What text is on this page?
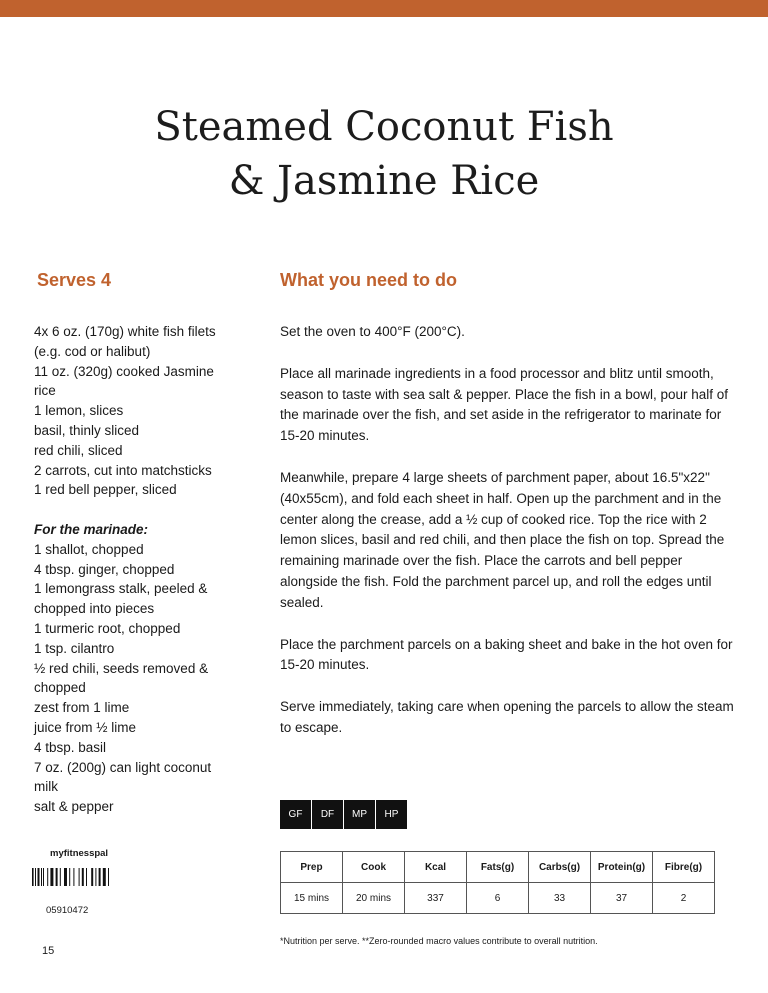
Steamed Coconut Fish
& Jasmine Rice
Serves 4	What you need to do
4x 6 oz. (170g) white fish filets
(e.g. cod or halibut)
11 oz. (320g) cooked Jasmine
rice
1 lemon, slices
basil, thinly sliced
red chili, sliced
2 carrots, cut into matchsticks
1 red bell pepper, sliced
For the marinade:
1 shallot, chopped
4 tbsp. ginger, chopped
1 lemongrass stalk, peeled &
chopped into pieces
1 turmeric root, chopped
1 tsp. cilantro
½ red chili, seeds removed &
chopped
zest from 1 lime
juice from ½ lime
4 tbsp. basil
7 oz. (200g) can light coconut
milk
salt & pepper

Set the oven to 400°F (200°C).

Place all marinade ingredients in a food processor and blitz until smooth, season to taste with sea salt & pepper. Place the fish in a bowl, pour half of the marinade over the fish, and set aside in the refrigerator to marinate for 15-20 minutes.

Meanwhile, prepare 4 large sheets of parchment paper, about 16.5"x22" (40x55cm), and fold each sheet in half. Open up the parchment and in the center along the crease, add a ½ cup of cooked rice. Top the rice with 2 lemon slices, basil and red chili, and then place the fish on top. Spread the remaining marinade over the fish. Place the carrots and bell pepper alongside the fish. Fold the parchment parcel up, and roll the edges until sealed.

Place the parchment parcels on a baking sheet and bake in the hot oven for 15-20 minutes.

Serve immediately, taking care when opening the parcels to allow the steam to escape.

GF	DF	MP	HP
myfitnesspal
05910472
Prep	Cook	Kcal	Fats(g)	Carbs(g)	Protein(g)	Fibre(g)
15 mins	20 mins	337	6	33	37	2
*Nutrition per serve. **Zero-rounded macro values contribute to overall nutrition.
15
